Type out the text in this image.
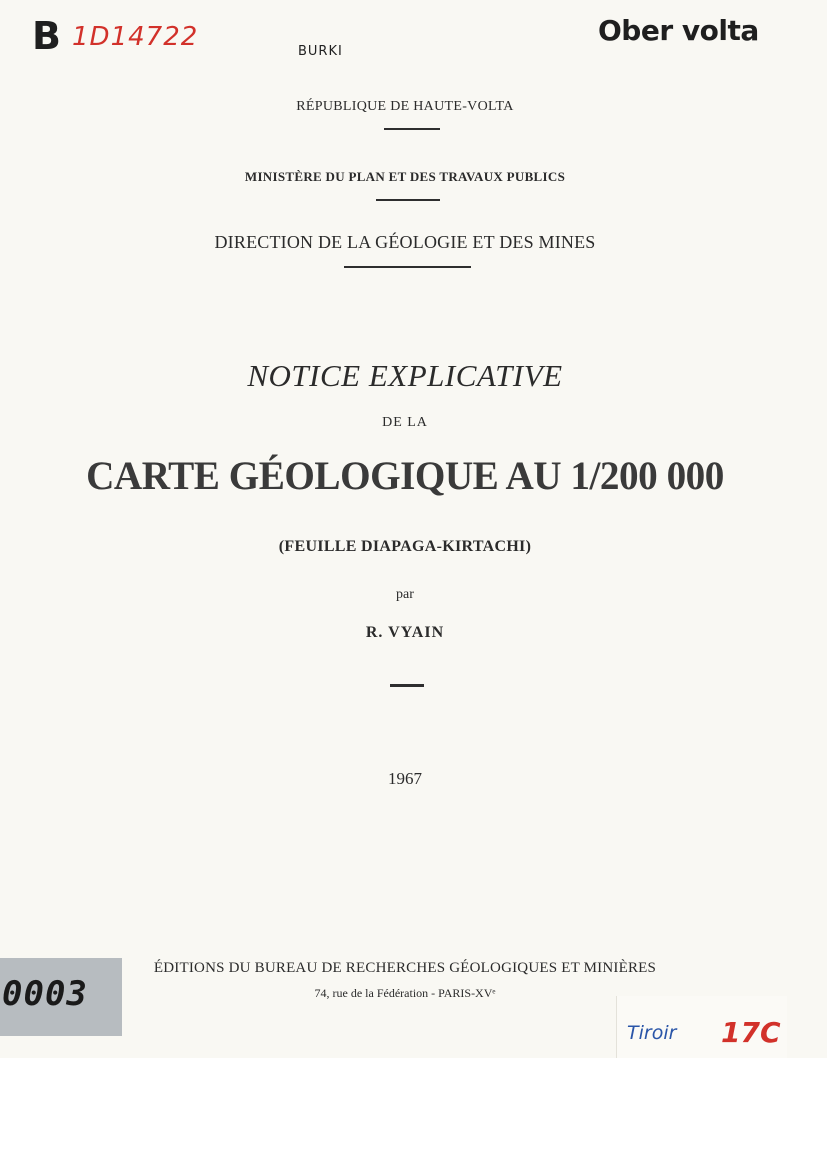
B 1D14722	BURKI
Ober volta
RÉPUBLIQUE DE HAUTE-VOLTA
MINISTÈRE DU PLAN ET DES TRAVAUX PUBLICS
DIRECTION DE LA GÉOLOGIE ET DES MINES
NOTICE EXPLICATIVE
DE LA
CARTE GÉOLOGIQUE AU 1/200 000
(FEUILLE DIAPAGA-KIRTACHI)
par
R. VYAIN
1967
ÉDITIONS DU BUREAU DE RECHERCHES GÉOLOGIQUES ET MINIÈRES
74, rue de la Fédération - PARIS-XVᵉ
0003
Tiroir 17C
